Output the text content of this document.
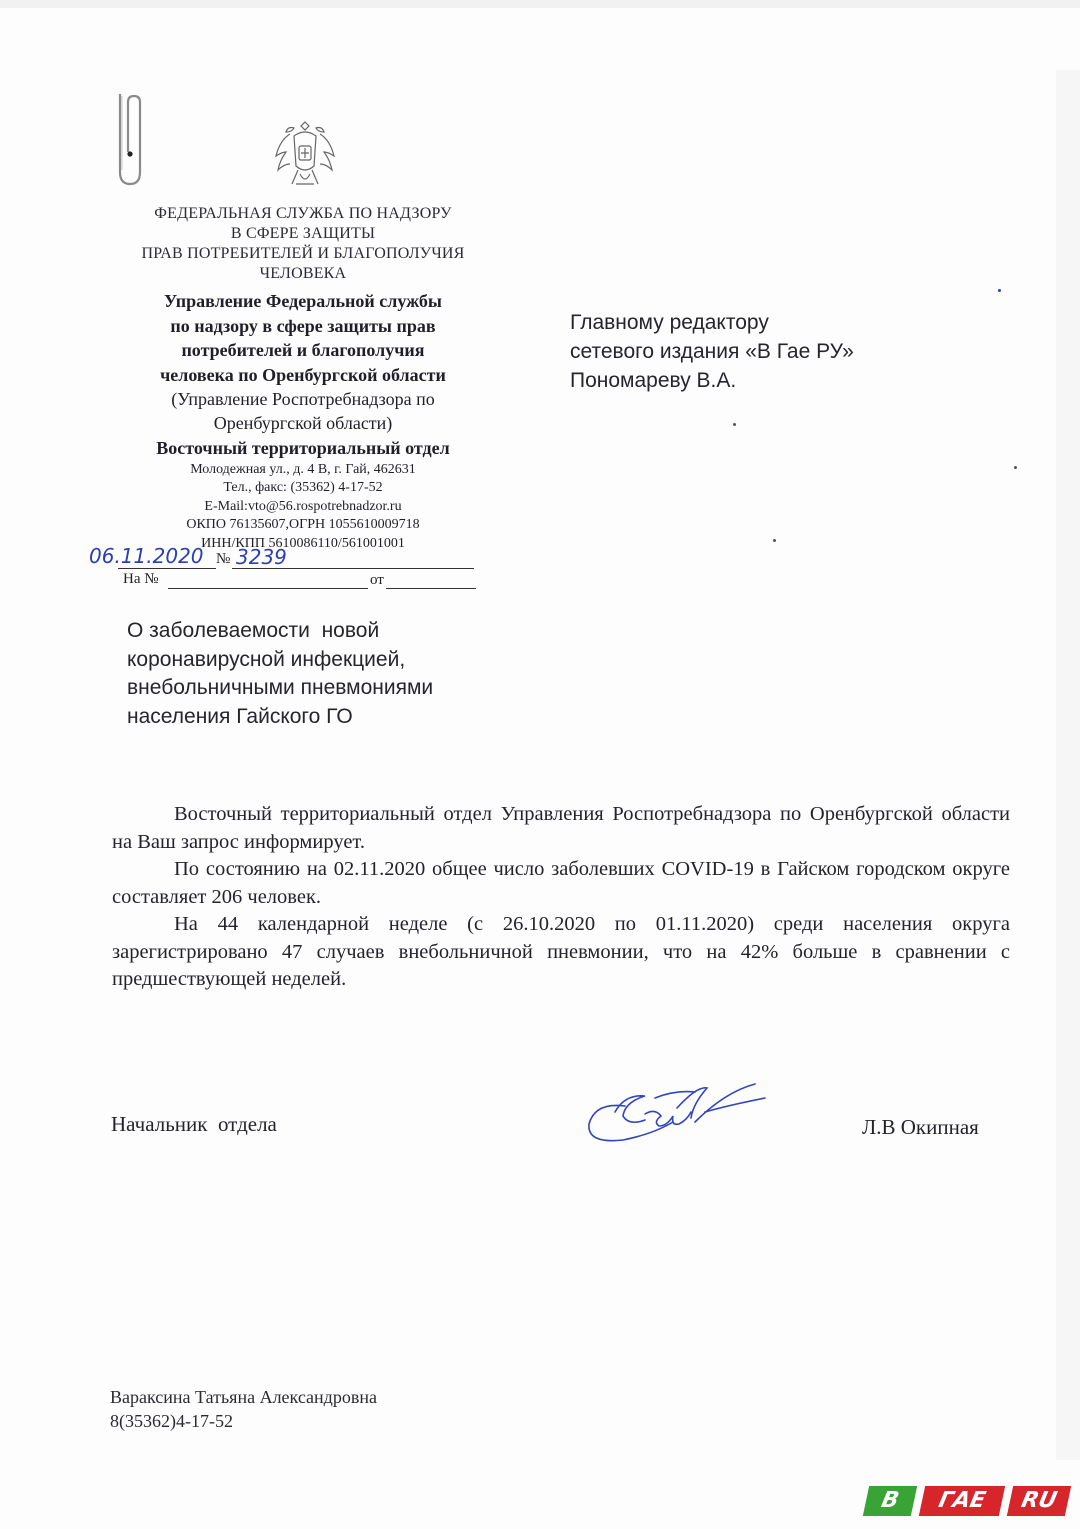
ФЕДЕРАЛЬНАЯ СЛУЖБА ПО НАДЗОРУ
В СФЕРЕ ЗАЩИТЫ
ПРАВ ПОТРЕБИТЕЛЕЙ И БЛАГОПОЛУЧИЯ
ЧЕЛОВЕКА
Управление Федеральной службы
по надзору в сфере защиты прав
потребителей и благополучия
человека по Оренбургской области
(Управление Роспотребнадзора по
Оренбургской области)
Восточный территориальный отдел
Молодежная ул., д. 4 В, г. Гай, 462631
Тел., факс: (35362) 4-17-52
E-Mail:vto@56.rospotrebnadzor.ru
ОКПО 76135607,ОГРН 1055610009718
ИНН/КПП 5610086110/561001001
06.11.2020 № 3239
На №	от
Главному редактору
сетевого издания «В Гае РУ»
Пономареву В.А.
О заболеваемости  новой
коронавирусной инфекцией,
внебольничными пневмониями
населения Гайского ГО

Восточный территориальный отдел Управления Роспотребнадзора по Оренбургской области на Ваш запрос информирует.

По состоянию на 02.11.2020 общее число заболевших COVID-19 в Гайском городском округе составляет 206 человек.

На 44 календарной неделе (с 26.10.2020 по 01.11.2020) среди населения округа зарегистрировано 47 случаев внебольничной пневмонии, что на 42% больше в сравнении с предшествующей неделей.

Начальник  отдела	Л.В Окипная
Вараксина Татьяна Александровна
8(35362)4-17-52
В	ГАЕ	RU
